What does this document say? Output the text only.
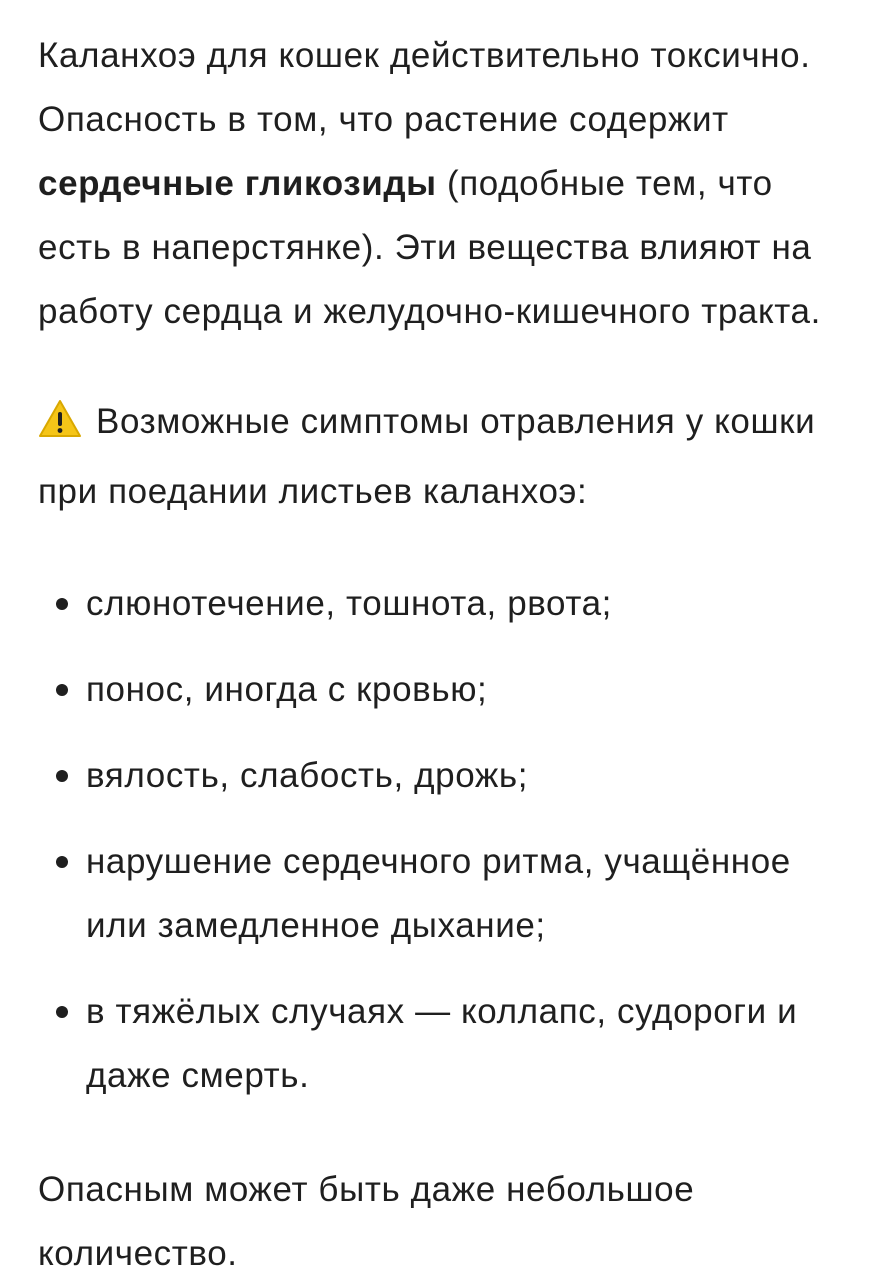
Каланхоэ для кошек действительно токсично. Опасность в том, что растение содержит сердечные гликозиды (подобные тем, что есть в наперстянке). Эти вещества влияют на работу сердца и желудочно-кишечного тракта.

Возможные симптомы отравления у кошки при поедании листьев каланхоэ:

слюнотечение, тошнота, рвота;
понос, иногда с кровью;
вялость, слабость, дрожь;
нарушение сердечного ритма, учащённое или замедленное дыхание;
в тяжёлых случаях — коллапс, судороги и даже смерть.

Опасным может быть даже небольшое количество.
